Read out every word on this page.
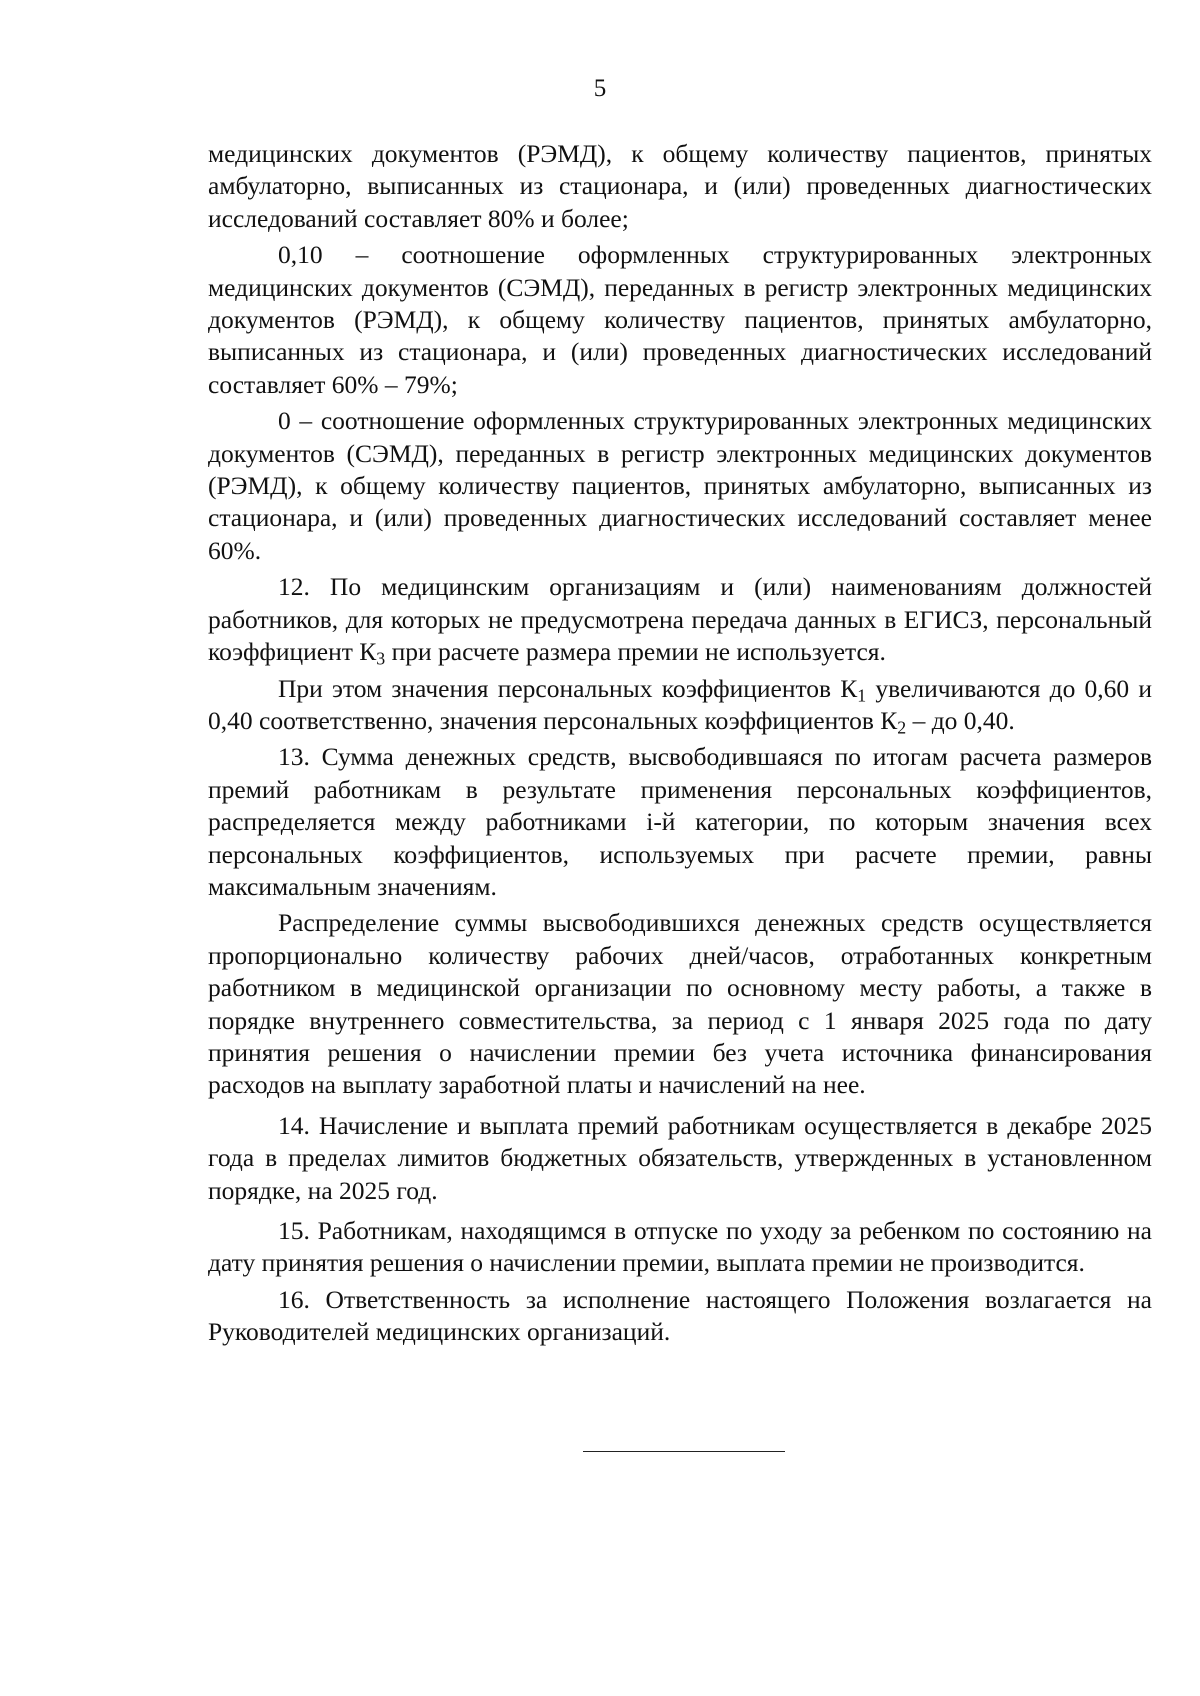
5

медицинских документов (РЭМД), к общему количеству пациентов, принятых амбулаторно, выписанных из стационара, и (или) проведенных диагностических исследований составляет 80% и более;

0,10 – соотношение оформленных структурированных электронных медицинских документов (СЭМД), переданных в регистр электронных медицинских документов (РЭМД), к общему количеству пациентов, принятых амбулаторно, выписанных из стационара, и (или) проведенных диагностических исследований составляет 60% – 79%;

0 – соотношение оформленных структурированных электронных медицинских документов (СЭМД), переданных в регистр электронных медицинских документов (РЭМД), к общему количеству пациентов, принятых амбулаторно, выписанных из стационара, и (или) проведенных диагностических исследований составляет менее 60%.

12. По медицинским организациям и (или) наименованиям должностей работников, для которых не предусмотрена передача данных в ЕГИСЗ, персональный коэффициент $К_3$ при расчете размера премии не используется.

При этом значения персональных коэффициентов $К_1$ увеличиваются до 0,60 и 0,40 соответственно, значения персональных коэффициентов $К_2$ – до 0,40.

13. Сумма денежных средств, высвободившаяся по итогам расчета размеров премий работникам в результате применения персональных коэффициентов, распределяется между работниками i-й категории, по которым значения всех персональных коэффициентов, используемых при расчете премии, равны максимальным значениям.

Распределение суммы высвободившихся денежных средств осуществляется пропорционально количеству рабочих дней/часов, отработанных конкретным работником в медицинской организации по основному месту работы, а также в порядке внутреннего совместительства, за период с 1 января 2025 года по дату принятия решения о начислении премии без учета источника финансирования расходов на выплату заработной платы и начислений на нее.

14. Начисление и выплата премий работникам осуществляется в декабре 2025 года в пределах лимитов бюджетных обязательств, утвержденных в установленном порядке, на 2025 год.

15. Работникам, находящимся в отпуске по уходу за ребенком по состоянию на дату принятия решения о начислении премии, выплата премии не производится.

16. Ответственность за исполнение настоящего Положения возлагается на Руководителей медицинских организаций.
